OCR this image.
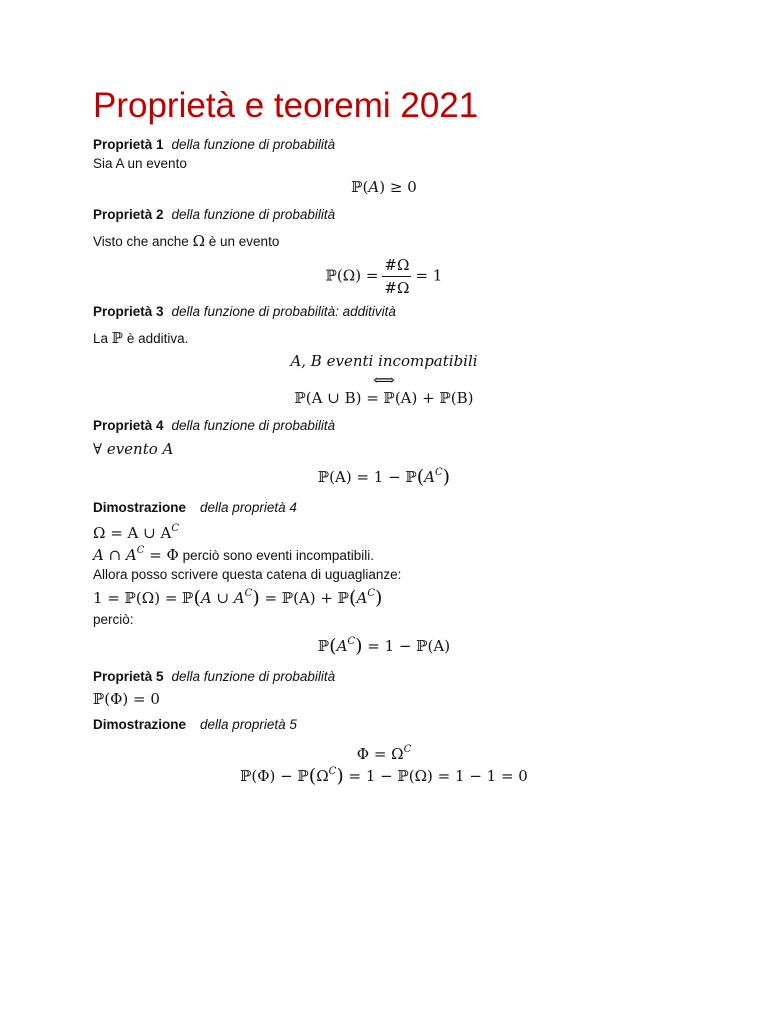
Proprietà e teoremi 2021
Proprietà 1 della funzione di probabilità
Sia A un evento
ℙ(A) ≥ 0
Proprietà 2 della funzione di probabilità
Visto che anche Ω è un evento
ℙ(Ω) = $\frac{\#\Omega}{\#\Omega} = 1$
Proprietà 3 della funzione di probabilità: additività
La ℙ è additiva.
A, B eventi incompatibili
⟺
ℙ(A ∪ B) = ℙ(A) + ℙ(B)
Proprietà 4 della funzione di probabilità
∀ evento A
ℙ(A) = $1 - ℙ(A^C)$
Dimostrazione della proprietà 4
Ω = A ∪ $A^C$
A ∩ $A^C = \Phi$ perciò sono eventi incompatibili.
Allora posso scrivere questa catena di uguaglianze:
1 = ℙ(Ω) = ℙ(A ∪ $A^C$) = ℙ(A) + $ℙ(A^C)$
perciò:
$ℙ(A^C) = 1$ − ℙ(A)
Proprietà 5 della funzione di probabilità
ℙ(Φ) = 0
Dimostrazione della proprietà 5
$\Phi = \Omega^C$
ℙ(Φ) − $ℙ(\Omega^C) = 1$ − ℙ(Ω) = 1 − 1 = 0
